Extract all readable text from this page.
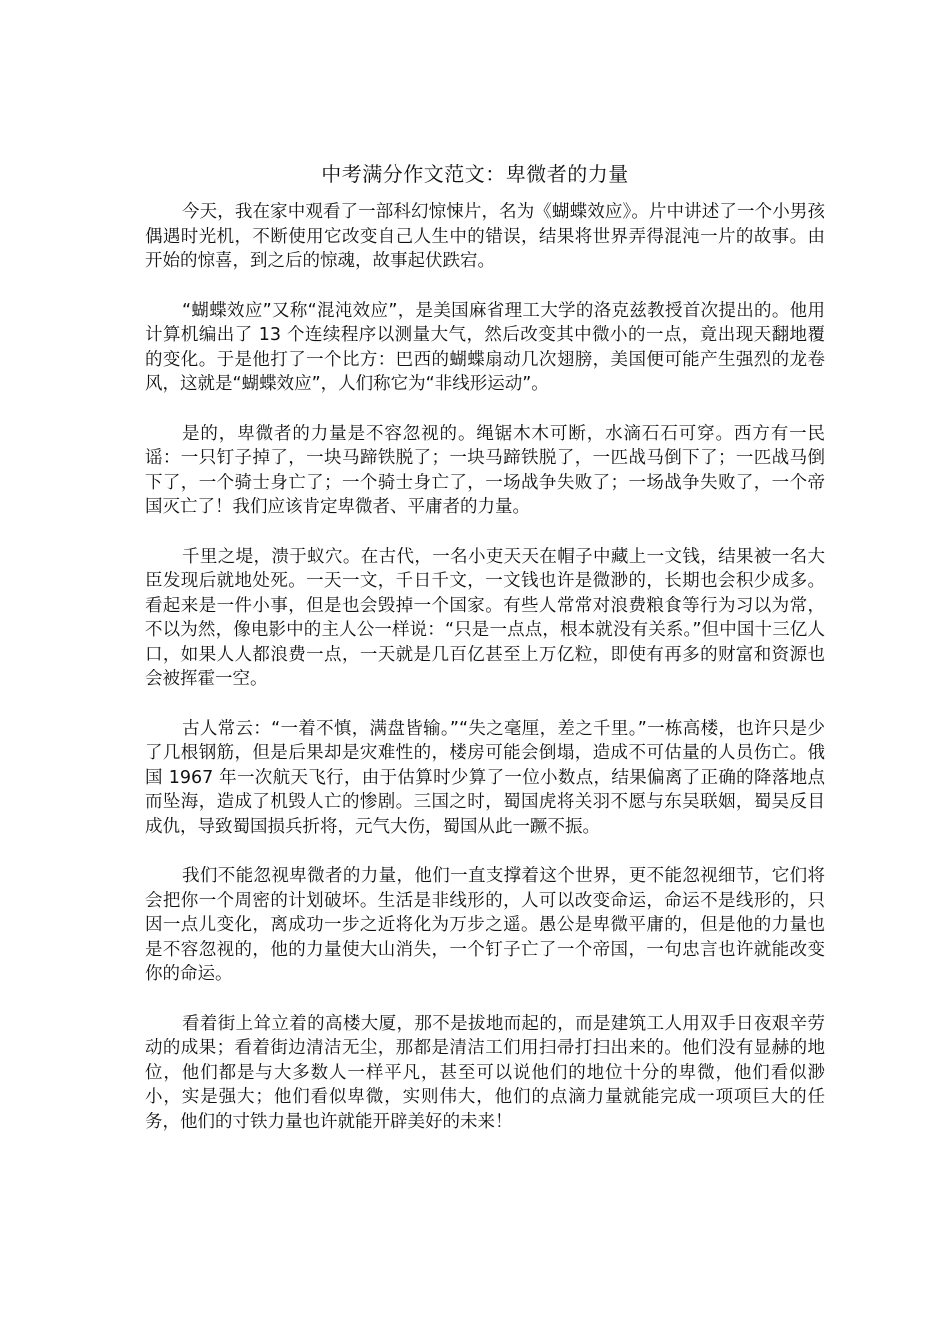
中考满分作文范文：卑微者的力量

今天，我在家中观看了一部科幻惊悚片，名为《蝴蝶效应》。片中讲述了一个小男孩偶遇时光机，不断使用它改变自己人生中的错误，结果将世界弄得混沌一片的故事。由开始的惊喜，到之后的惊魂，故事起伏跌宕。

“蝴蝶效应”又称“混沌效应”，是美国麻省理工大学的洛克兹教授首次提出的。他用计算机编出了 13 个连续程序以测量大气，然后改变其中微小的一点，竟出现天翻地覆的变化。于是他打了一个比方：巴西的蝴蝶扇动几次翅膀，美国便可能产生强烈的龙卷风，这就是“蝴蝶效应”，人们称它为“非线形运动”。

是的，卑微者的力量是不容忽视的。绳锯木木可断，水滴石石可穿。西方有一民谣：一只钉子掉了，一块马蹄铁脱了；一块马蹄铁脱了，一匹战马倒下了；一匹战马倒下了，一个骑士身亡了；一个骑士身亡了，一场战争失败了；一场战争失败了，一个帝国灭亡了！我们应该肯定卑微者、平庸者的力量。

千里之堤，溃于蚁穴。在古代，一名小吏天天在帽子中藏上一文钱，结果被一名大臣发现后就地处死。一天一文，千日千文，一文钱也许是微渺的，长期也会积少成多。看起来是一件小事，但是也会毁掉一个国家。有些人常常对浪费粮食等行为习以为常，不以为然，像电影中的主人公一样说：“只是一点点，根本就没有关系。”但中国十三亿人口，如果人人都浪费一点，一天就是几百亿甚至上万亿粒，即使有再多的财富和资源也会被挥霍一空。

古人常云：“一着不慎，满盘皆输。”“失之毫厘，差之千里。”一栋高楼，也许只是少了几根钢筋，但是后果却是灾难性的，楼房可能会倒塌，造成不可估量的人员伤亡。俄国 1967 年一次航天飞行，由于估算时少算了一位小数点，结果偏离了正确的降落地点而坠海，造成了机毁人亡的惨剧。三国之时，蜀国虎将关羽不愿与东吴联姻，蜀吴反目成仇，导致蜀国损兵折将，元气大伤，蜀国从此一蹶不振。

我们不能忽视卑微者的力量，他们一直支撑着这个世界，更不能忽视细节，它们将会把你一个周密的计划破坏。生活是非线形的，人可以改变命运，命运不是线形的，只因一点儿变化，离成功一步之近将化为万步之遥。愚公是卑微平庸的，但是他的力量也是不容忽视的，他的力量使大山消失，一个钉子亡了一个帝国，一句忠言也许就能改变你的命运。

看着街上耸立着的高楼大厦，那不是拔地而起的，而是建筑工人用双手日夜艰辛劳动的成果；看着街边清洁无尘，那都是清洁工们用扫帚打扫出来的。他们没有显赫的地位，他们都是与大多数人一样平凡，甚至可以说他们的地位十分的卑微，他们看似渺小，实是强大；他们看似卑微，实则伟大，他们的点滴力量就能完成一项项巨大的任务，他们的寸铁力量也许就能开辟美好的未来！
